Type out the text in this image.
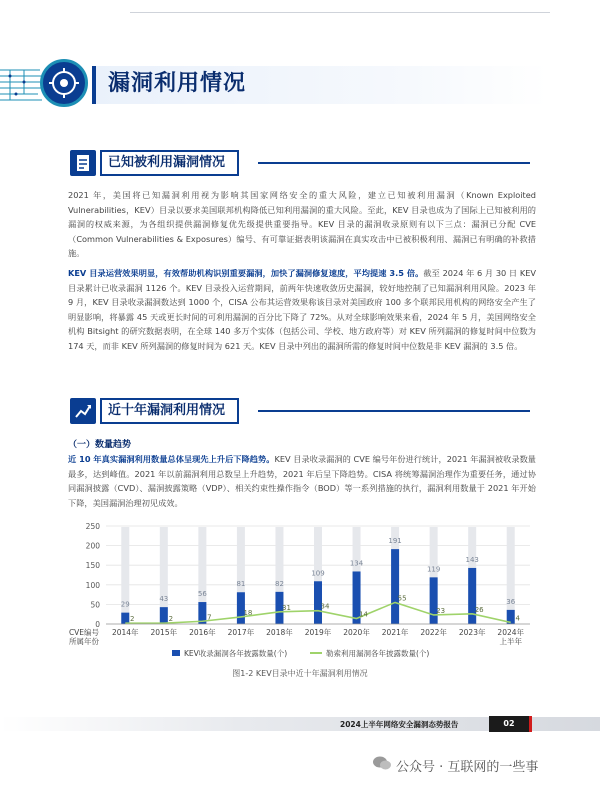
漏洞利用情况
已知被利用漏洞情况
2021 年，美国将已知漏洞利用视为影响其国家网络安全的重大风险，建立已知被利用漏洞（Known Exploited Vulnerabilities，KEV）目录以要求美国联邦机构降低已知利用漏洞的重大风险。至此，KEV 目录也成为了国际上已知被利用的漏洞的权威来源，为各组织提供漏洞修复优先级提供重要指导。KEV 目录的漏洞收录原则有以下三点：漏洞已分配 CVE（Common Vulnerabilities & Exposures）编号、有可靠证据表明该漏洞在真实攻击中已被积极利用、漏洞已有明确的补救措施。
KEV 目录运营效果明显，有效帮助机构识别重要漏洞，加快了漏洞修复速度，平均提速 3.5 倍。截至 2024 年 6 月 30 日 KEV 目录累计已收录漏洞 1126 个。KEV 目录投入运营期间，前两年快速收敛历史漏洞，较好地控制了已知漏洞利用风险。2023 年 9 月，KEV 目录收录漏洞数达到 1000 个，CISA 公布其运营效果称该目录对美国政府 100 多个联邦民用机构的网络安全产生了明显影响，将暴露 45 天或更长时间的可利用漏洞的百分比下降了 72%。从对全球影响效果来看，2024 年 5 月，美国网络安全机构 Bitsight 的研究数据表明，在全球 140 多万个实体（包括公司、学校、地方政府等）对 KEV 所列漏洞的修复时间中位数为 174 天，而非 KEV 所列漏洞的修复时间为 621 天。KEV 目录中列出的漏洞所需的修复时间中位数是非 KEV 漏洞的 3.5 倍。
近十年漏洞利用情况
（一）数量趋势
近 10 年真实漏洞利用数量总体呈现先上升后下降趋势。KEV 目录收录漏洞的 CVE 编号年份进行统计，2021 年漏洞被收录数量最多，达到峰值。2021 年以前漏洞利用总数呈上升趋势，2021 年后呈下降趋势。CISA 将统筹漏洞治理作为重要任务，通过协同漏洞披露（CVD）、漏洞披露策略（VDP）、相关约束性操作指令（BOD）等一系列措施的执行，漏洞利用数量于 2021 年开始下降，美国漏洞治理初见成效。
250
200
150
100
50
0
29
43
56
81	82
109
134
191
119
143
36
2	2	7
18
31	34
14
55
23	26
4
2014年 2015年 2016年 2017年 2018年 2019年 2020年 2021年 2022年 2023年 2024年
上半年
CVE编号
所属年份
KEV收录漏洞各年披露数量(个)	勒索利用漏洞各年披露数量(个)
图1-2 KEV目录中近十年漏洞利用情况
2024上半年网络安全漏洞态势报告	02
公众号 · 互联网的一些事
